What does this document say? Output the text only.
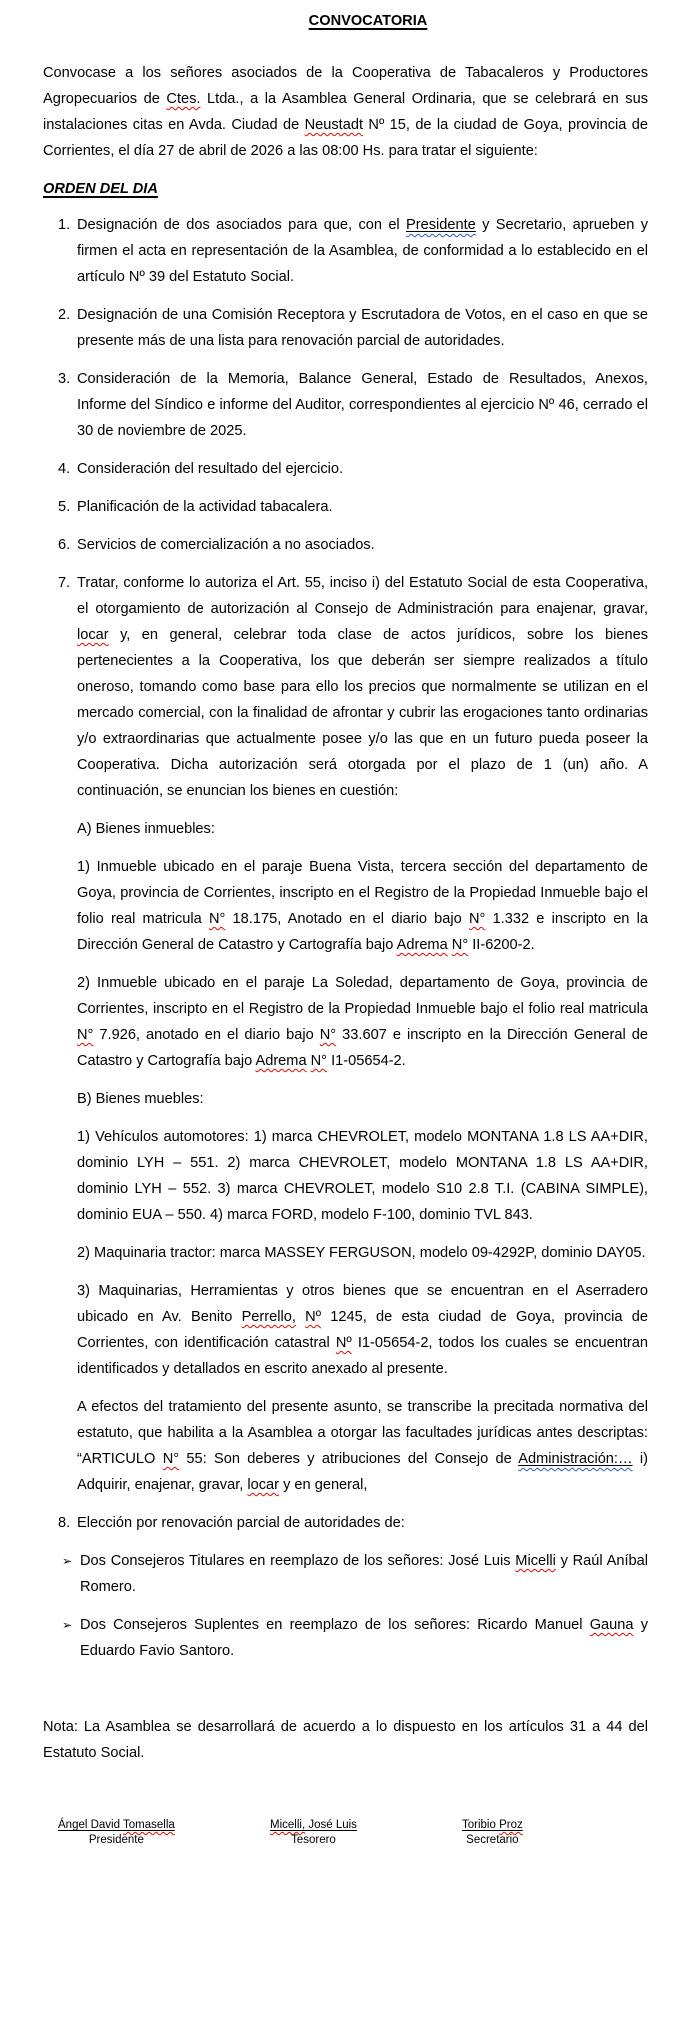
CONVOCATORIA

Convocase a los señores asociados de la Cooperativa de Tabacaleros y Productores Agropecuarios de Ctes. Ltda., a la Asamblea General Ordinaria, que se celebrará en sus instalaciones citas en Avda. Ciudad de Neustadt Nº 15, de la ciudad de Goya, provincia de Corrientes, el día 27 de abril de 2026 a las 08:00 Hs. para tratar el siguiente:

ORDEN DEL DIA
1. Designación de dos asociados para que, con el Presidente y Secretario, aprueben y firmen el acta en representación de la Asamblea, de conformidad a lo establecido en el artículo Nº 39 del Estatuto Social.
2. Designación de una Comisión Receptora y Escrutadora de Votos, en el caso en que se presente más de una lista para renovación parcial de autoridades.
3. Consideración de la Memoria, Balance General, Estado de Resultados, Anexos, Informe del Síndico e informe del Auditor, correspondientes al ejercicio Nº 46, cerrado el 30 de noviembre de 2025.
4. Consideración del resultado del ejercicio.
5. Planificación de la actividad tabacalera.
6. Servicios de comercialización a no asociados.
7. Tratar, conforme lo autoriza el Art. 55, inciso i) del Estatuto Social de esta Cooperativa, el otorgamiento de autorización al Consejo de Administración para enajenar, gravar, locar y, en general, celebrar toda clase de actos jurídicos, sobre los bienes pertenecientes a la Cooperativa, los que deberán ser siempre realizados a título oneroso, tomando como base para ello los precios que normalmente se utilizan en el mercado comercial, con la finalidad de afrontar y cubrir las erogaciones tanto ordinarias y/o extraordinarias que actualmente posee y/o las que en un futuro pueda poseer la Cooperativa. Dicha autorización será otorgada por el plazo de 1 (un) año. A continuación, se enuncian los bienes en cuestión:
A) Bienes inmuebles:
1) Inmueble ubicado en el paraje Buena Vista, tercera sección del departamento de Goya, provincia de Corrientes, inscripto en el Registro de la Propiedad Inmueble bajo el folio real matricula N° 18.175, Anotado en el diario bajo N° 1.332 e inscripto en la Dirección General de Catastro y Cartografía bajo Adrema N° II-6200-2.
2) Inmueble ubicado en el paraje La Soledad, departamento de Goya, provincia de Corrientes, inscripto en el Registro de la Propiedad Inmueble bajo el folio real matricula N° 7.926, anotado en el diario bajo N° 33.607 e inscripto en la Dirección General de Catastro y Cartografía bajo Adrema N° I1-05654-2.
B) Bienes muebles:
1) Vehículos automotores: 1) marca CHEVROLET, modelo MONTANA 1.8 LS AA+DIR, dominio LYH – 551. 2) marca CHEVROLET, modelo MONTANA 1.8 LS AA+DIR, dominio LYH – 552. 3) marca CHEVROLET, modelo S10 2.8 T.I. (CABINA SIMPLE), dominio EUA – 550. 4) marca FORD, modelo F-100, dominio TVL 843.
2) Maquinaria tractor: marca MASSEY FERGUSON, modelo 09-4292P, dominio DAY05.
3) Maquinarias, Herramientas y otros bienes que se encuentran en el Aserradero ubicado en Av. Benito Perrello, Nº 1245, de esta ciudad de Goya, provincia de Corrientes, con identificación catastral Nº I1-05654-2, todos los cuales se encuentran identificados y detallados en escrito anexado al presente.
A efectos del tratamiento del presente asunto, se transcribe la precitada normativa del estatuto, que habilita a la Asamblea a otorgar las facultades jurídicas antes descriptas: “ARTICULO N° 55: Son deberes y atribuciones del Consejo de Administración:… i) Adquirir, enajenar, gravar, locar y en general,
8. Elección por renovación parcial de autoridades de:
➢ Dos Consejeros Titulares en reemplazo de los señores: José Luis Micelli y Raúl Aníbal Romero.
➢ Dos Consejeros Suplentes en reemplazo de los señores: Ricardo Manuel Gauna y Eduardo Favio Santoro.

Nota: La Asamblea se desarrollará de acuerdo a lo dispuesto en los artículos 31 a 44 del Estatuto Social.

Ángel David Tomasella
Presidente
Micelli, José Luis
Tesorero
Toribio Proz
Secretario
